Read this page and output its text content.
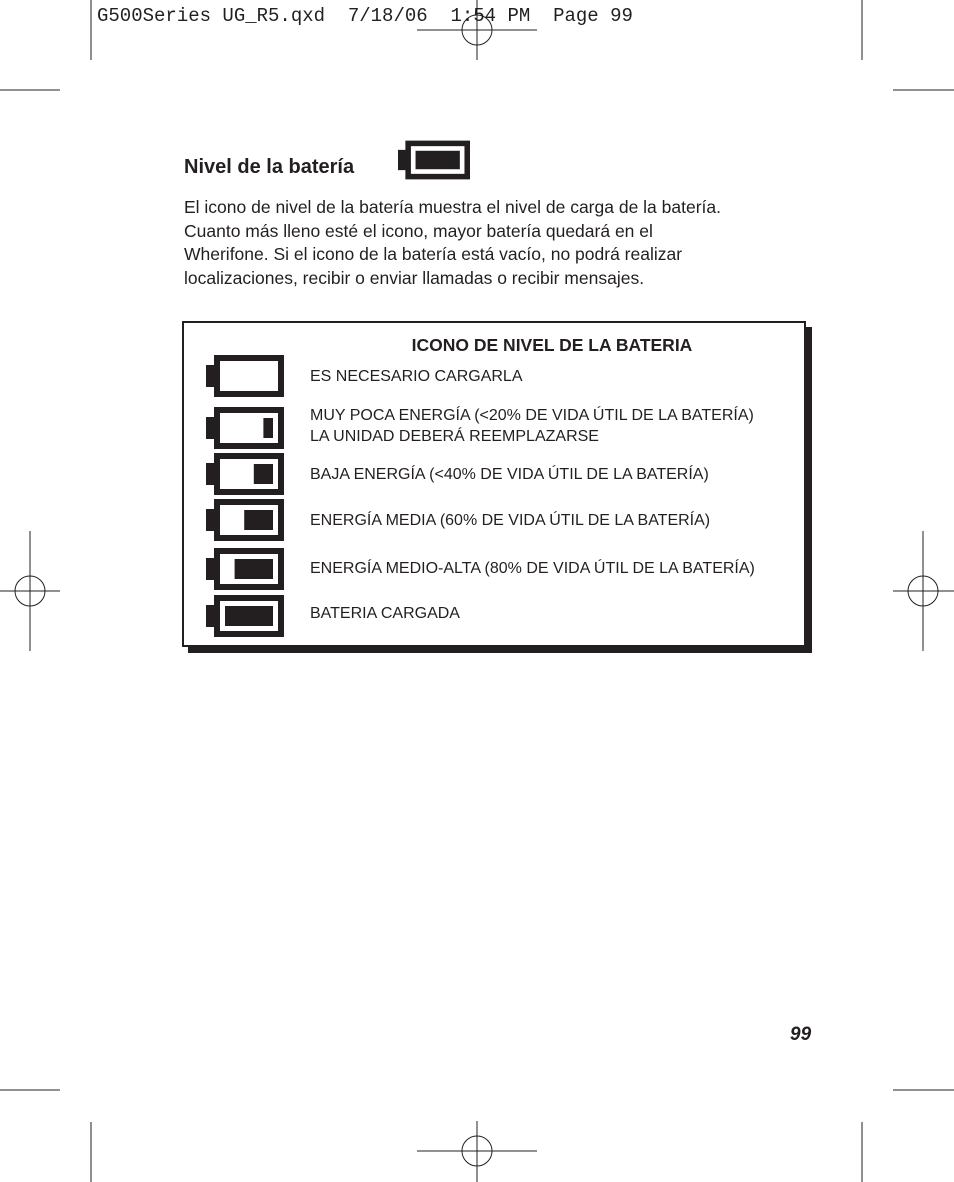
G500Series UG_R5.qxd  7/18/06  1:54 PM  Page 99
Nivel de la batería

El icono de nivel de la batería muestra el nivel de carga de la batería.
Cuanto más lleno esté el icono, mayor batería quedará en el
Wherifone. Si el icono de la batería está vacío, no podrá realizar
localizaciones, recibir o enviar llamadas o recibir mensajes.

ICONO DE NIVEL DE LA BATERIA
ES NECESARIO CARGARLA
MUY POCA ENERGÍA (<20% DE VIDA ÚTIL DE LA BATERÍA)
LA UNIDAD DEBERÁ REEMPLAZARSE
BAJA ENERGÍA (<40% DE VIDA ÚTIL DE LA BATERÍA)
ENERGÍA MEDIA (60% DE VIDA ÚTIL DE LA BATERÍA)
ENERGÍA MEDIO-ALTA (80% DE VIDA ÚTIL DE LA BATERÍA)
BATERIA CARGADA
99
